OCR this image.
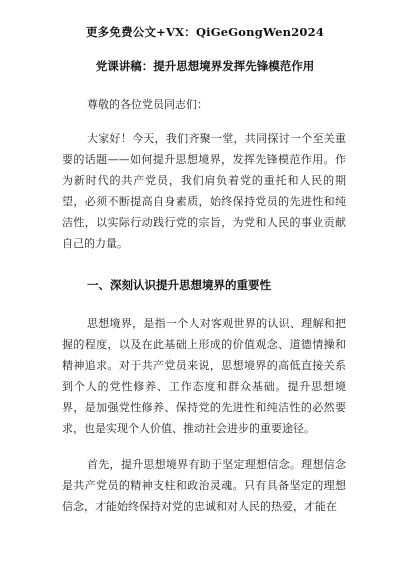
更多免费公文+VX：QiGeGongWen2024
党课讲稿：提升思想境界发挥先锋模范作用
尊敬的各位党员同志们：
大家好！今天，我们齐聚一堂，共同探讨一个至关重要的话题——如何提升思想境界，发挥先锋模范作用。作为新时代的共产党员，我们肩负着党的重托和人民的期望，必须不断提高自身素质，始终保持党员的先进性和纯洁性，以实际行动践行党的宗旨，为党和人民的事业贡献自己的力量。
一、深刻认识提升思想境界的重要性
思想境界，是指一个人对客观世界的认识、理解和把握的程度，以及在此基础上形成的价值观念、道德情操和精神追求。对于共产党员来说，思想境界的高低直接关系到个人的党性修养、工作态度和群众基础。提升思想境界，是加强党性修养、保持党的先进性和纯洁性的必然要求，也是实现个人价值、推动社会进步的重要途径。
首先，提升思想境界有助于坚定理想信念。理想信念是共产党员的精神支柱和政治灵魂。只有具备坚定的理想信念，才能始终保持对党的忠诚和对人民的热爱，才能在
